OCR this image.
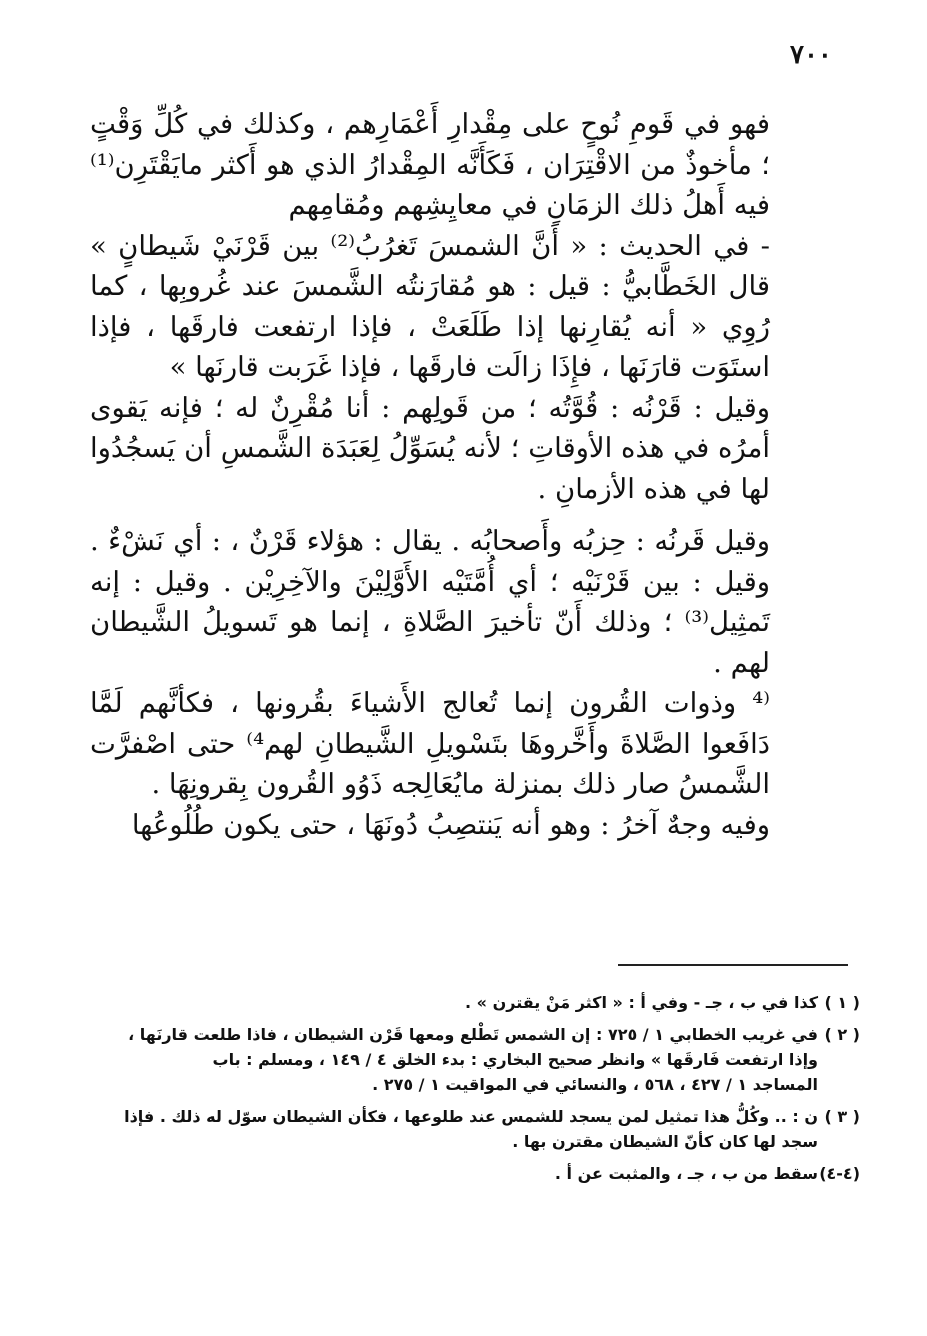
٧٠٠

فهو في قَومِ نُوحٍ على مِقْدارِ أَعْمَارِهم ، وكذلك في كُلِّ وَقْتٍ ؛ مأخوذٌ من الاقْتِرَان ، فَكَأَنَّه المِقْدارُ الذي هو أَكثر مايَقْتَرِن⁽¹⁾ فيه أَهلُ ذلك الزمَانِ في معايِشِهم ومُقامِهم

- في الحديث : « أَنَّ الشمسَ تَغرُبُ⁽²⁾ بين قَرْنَيْ شَيطانٍ » قال الخَطَّابيُّ : قيل : هو مُقارَنتُه الشَّمسَ عند غُروبِها ، كما رُوِي « أنه يُقارِنها إذا طَلَعَتْ ، فإذا ارتفعت فارقَها ، فإذا استَوَت قارَنَها ، فإِذَا زالَت فارقَها ، فإذا غَرَبت قارنَها »

وقيل : قَرْنُه : قُوَّتُه ؛ من قَولِهم : أنا مُقْرِنٌ له ؛ فإنه يَقوى أمرُه في هذه الأوقاتِ ؛ لأنه يُسَوِّلُ لِعَبَدَة الشَّمسِ أن يَسجُدُوا لها في هذه الأزمانِ .

وقيل قَرنُه : حِزبُه وأَصحابُه . يقال : هؤلاء قَرْنٌ ، : أي نَشْءٌ . وقيل : بين قَرْنَيْه ؛ أي أُمَّتَيْه الأَوَّلِيْنَ والآخِرِيْن . وقيل : إنه تَمثِيل⁽³⁾ ؛ وذلك أَنّ تأخيرَ الصَّلاةِ ، إنما هو تَسويلُ الشَّيطان لهم .

⁽⁴ وذوات القُرون إنما تُعالج الأَشياءَ بقُرونها ، فكأنَّهم لَمَّا دَافَعوا الصَّلاةَ وأَخَّروهَا بتَسْويلِ الشَّيطانِ لهم⁴⁾ حتى اصْفرَّت الشَّمسُ صار ذلك بمنزلة مايُعَالِجه ذَوُو القُرون بِقرونِهَا .

وفيه وجهٌ آخرُ : وهو أنه يَنتصِبُ دُونَهَا ، حتى يكون طُلُوعُها

( ١ )
كذا في ب ، جـ - وفي أ : « اكثر مَنْ يقترن » .
( ٢ )
في غريب الخطابي ١ / ٧٢٥ : إن الشمس تَطْلع ومعها قَرْن الشيطان ، فاذا طلعت قارنَها ،
وإذا ارتفعت فَارقَها » وانظر صحيح البخاري : بدء الخلق ٤ / ١٤٩ ، ومسلم : باب
المساجد ١ / ٤٢٧ ، ٥٦٨ ، والنسائي في المواقيت ١ / ٢٧٥ .
( ٣ )
ن : .. وكُلُّ هذا تمثيل لمن يسجد للشمس عند طلوعها ، فكأن الشيطان سوّل له ذلك . فإذا
سجد لها كان كأنّ الشيطان مقترن بها .
(٤-٤)
سقط من ب ، جـ ، والمثبت عن أ .
